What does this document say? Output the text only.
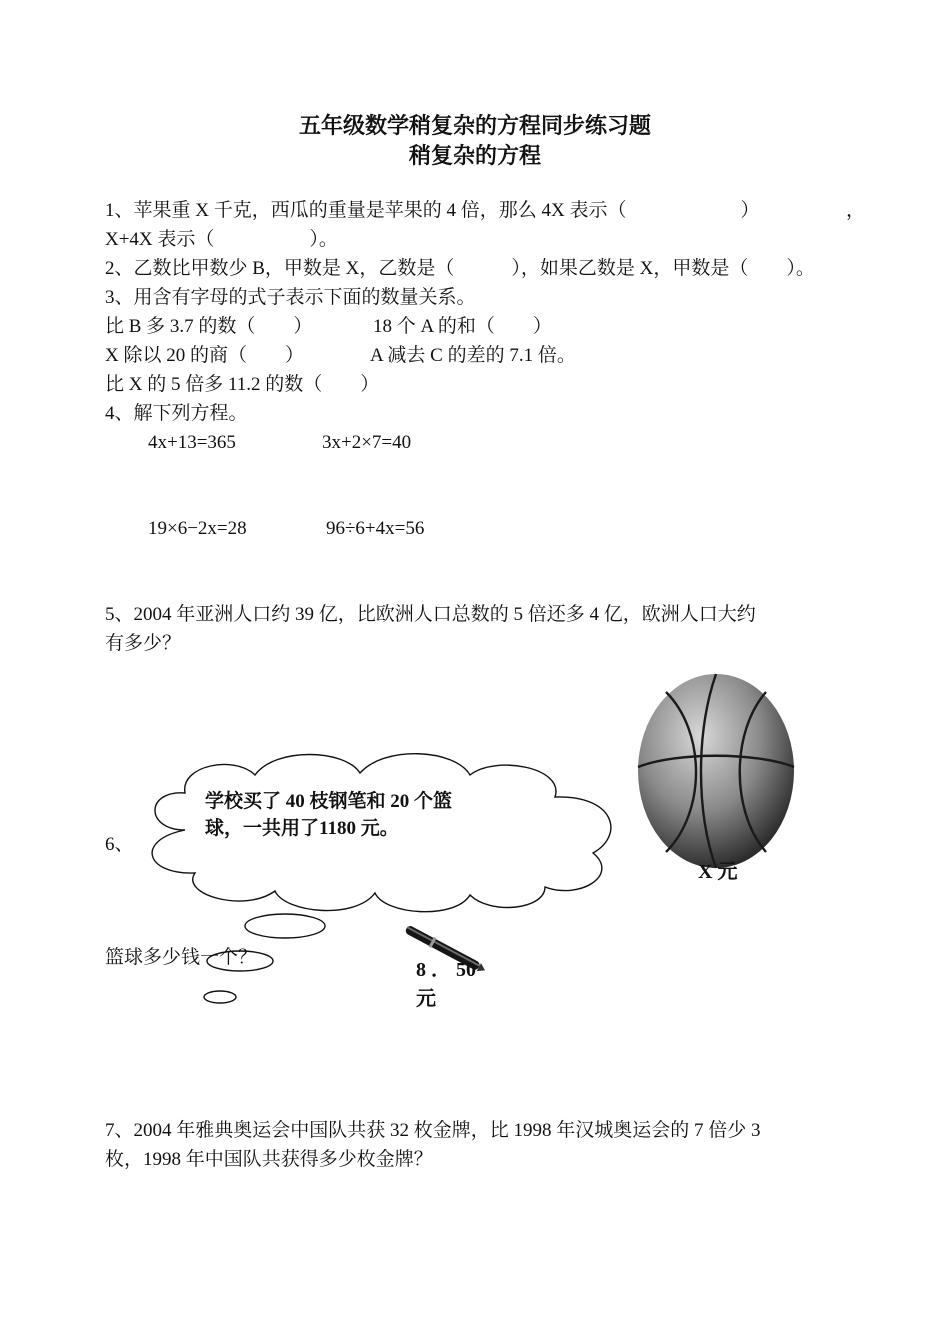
五年级数学稍复杂的方程同步练习题
稍复杂的方程
1、苹果重 X 千克，西瓜的重量是苹果的 4 倍，那么 4X 表示（　　　　　　）	，
X+4X 表示（　　　　　）。
2、乙数比甲数少 B，甲数是 X，乙数是（　　　），如果乙数是 X，甲数是（　　）。
3、用含有字母的式子表示下面的数量关系。
比 B 多 3.7 的数（　　）	18 个 A 的和（　　）
X 除以 20 的商（　　）	A 减去 C 的差的 7.1 倍。
比 X 的 5 倍多 11.2 的数（　　）
4、解下列方程。
4x+13=365	3x+2×7=40
19×6−2x=28	96÷6+4x=56
5、2004 年亚洲人口约 39 亿，比欧洲人口总数的 5 倍还多 4 亿，欧洲人口大约
有多少？
学校买了 40 枝钢笔和 20 个篮
球，一共用了1180 元。
6、
篮球多少钱一个？
X 元
8 ． 50
元
7、2004 年雅典奥运会中国队共获 32 枚金牌，比 1998 年汉城奥运会的 7 倍少 3
枚，1998 年中国队共获得多少枚金牌？
